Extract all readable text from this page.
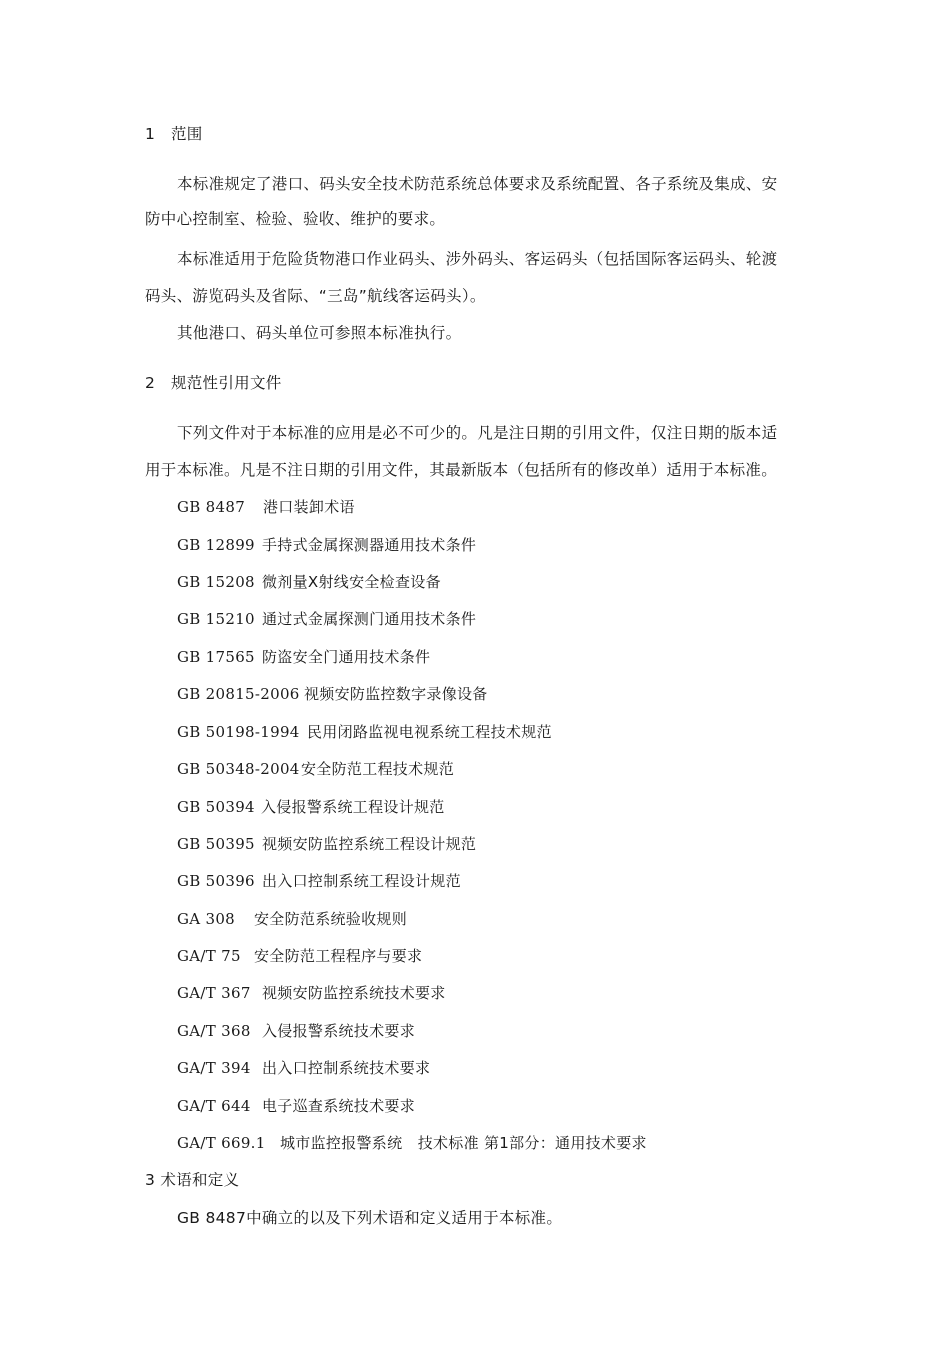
1　范围
本标准规定了港口、码头安全技术防范系统总体要求及系统配置、各子系统及集成、安
防中心控制室、检验、验收、维护的要求。
本标准适用于危险货物港口作业码头、涉外码头、客运码头（包括国际客运码头、轮渡
码头、游览码头及省际、“三岛”航线客运码头）。
其他港口、码头单位可参照本标准执行。
2　规范性引用文件
下列文件对于本标准的应用是必不可少的。凡是注日期的引用文件，仅注日期的版本适
用于本标准。凡是不注日期的引用文件，其最新版本（包括所有的修改单）适用于本标准。
GB 8487 港口装卸术语
GB 12899 手持式金属探测器通用技术条件
GB 15208 微剂量X射线安全检查设备
GB 15210 通过式金属探测门通用技术条件
GB 17565 防盗安全门通用技术条件
GB 20815-2006 视频安防监控数字录像设备
GB 50198-1994 民用闭路监视电视系统工程技术规范
GB 50348-2004安全防范工程技术规范
GB 50394 入侵报警系统工程设计规范
GB 50395 视频安防监控系统工程设计规范
GB 50396 出入口控制系统工程设计规范
GA 308 安全防范系统验收规则
GA/T 75 安全防范工程程序与要求
GA/T 367 视频安防监控系统技术要求
GA/T 368 入侵报警系统技术要求
GA/T 394 出入口控制系统技术要求
GA/T 644 电子巡查系统技术要求
GA/T 669.1 城市监控报警系统　技术标准 第1部分：通用技术要求
3 术语和定义
GB 8487中确立的以及下列术语和定义适用于本标准。
